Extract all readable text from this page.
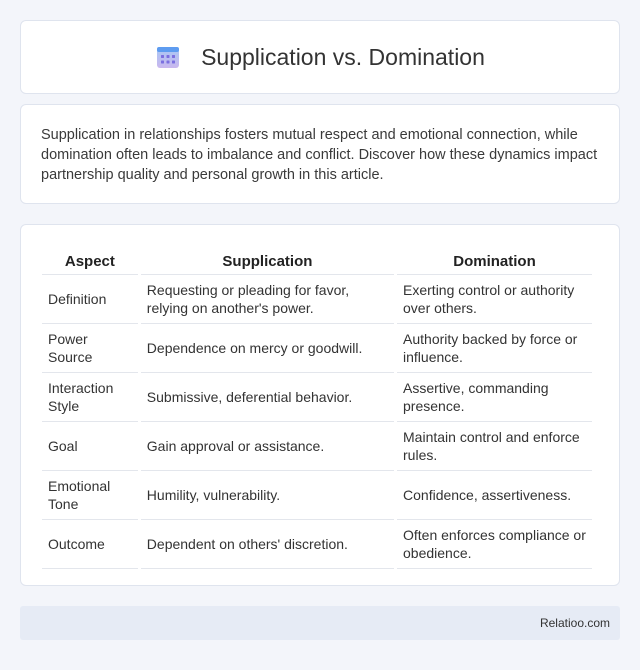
Supplication vs. Domination

Supplication in relationships fosters mutual respect and emotional connection, while domination often leads to imbalance and conflict. Discover how these dynamics impact partnership quality and personal growth in this article.

Aspect	Supplication	Domination
Definition	Requesting or pleading for favor, relying on another's power.	Exerting control or authority over others.
Power Source	Dependence on mercy or goodwill.	Authority backed by force or influence.
Interaction Style	Submissive, deferential behavior.	Assertive, commanding presence.
Goal	Gain approval or assistance.	Maintain control and enforce rules.
Emotional Tone	Humility, vulnerability.	Confidence, assertiveness.
Outcome	Dependent on others' discretion.	Often enforces compliance or obedience.
Relatioo.com
